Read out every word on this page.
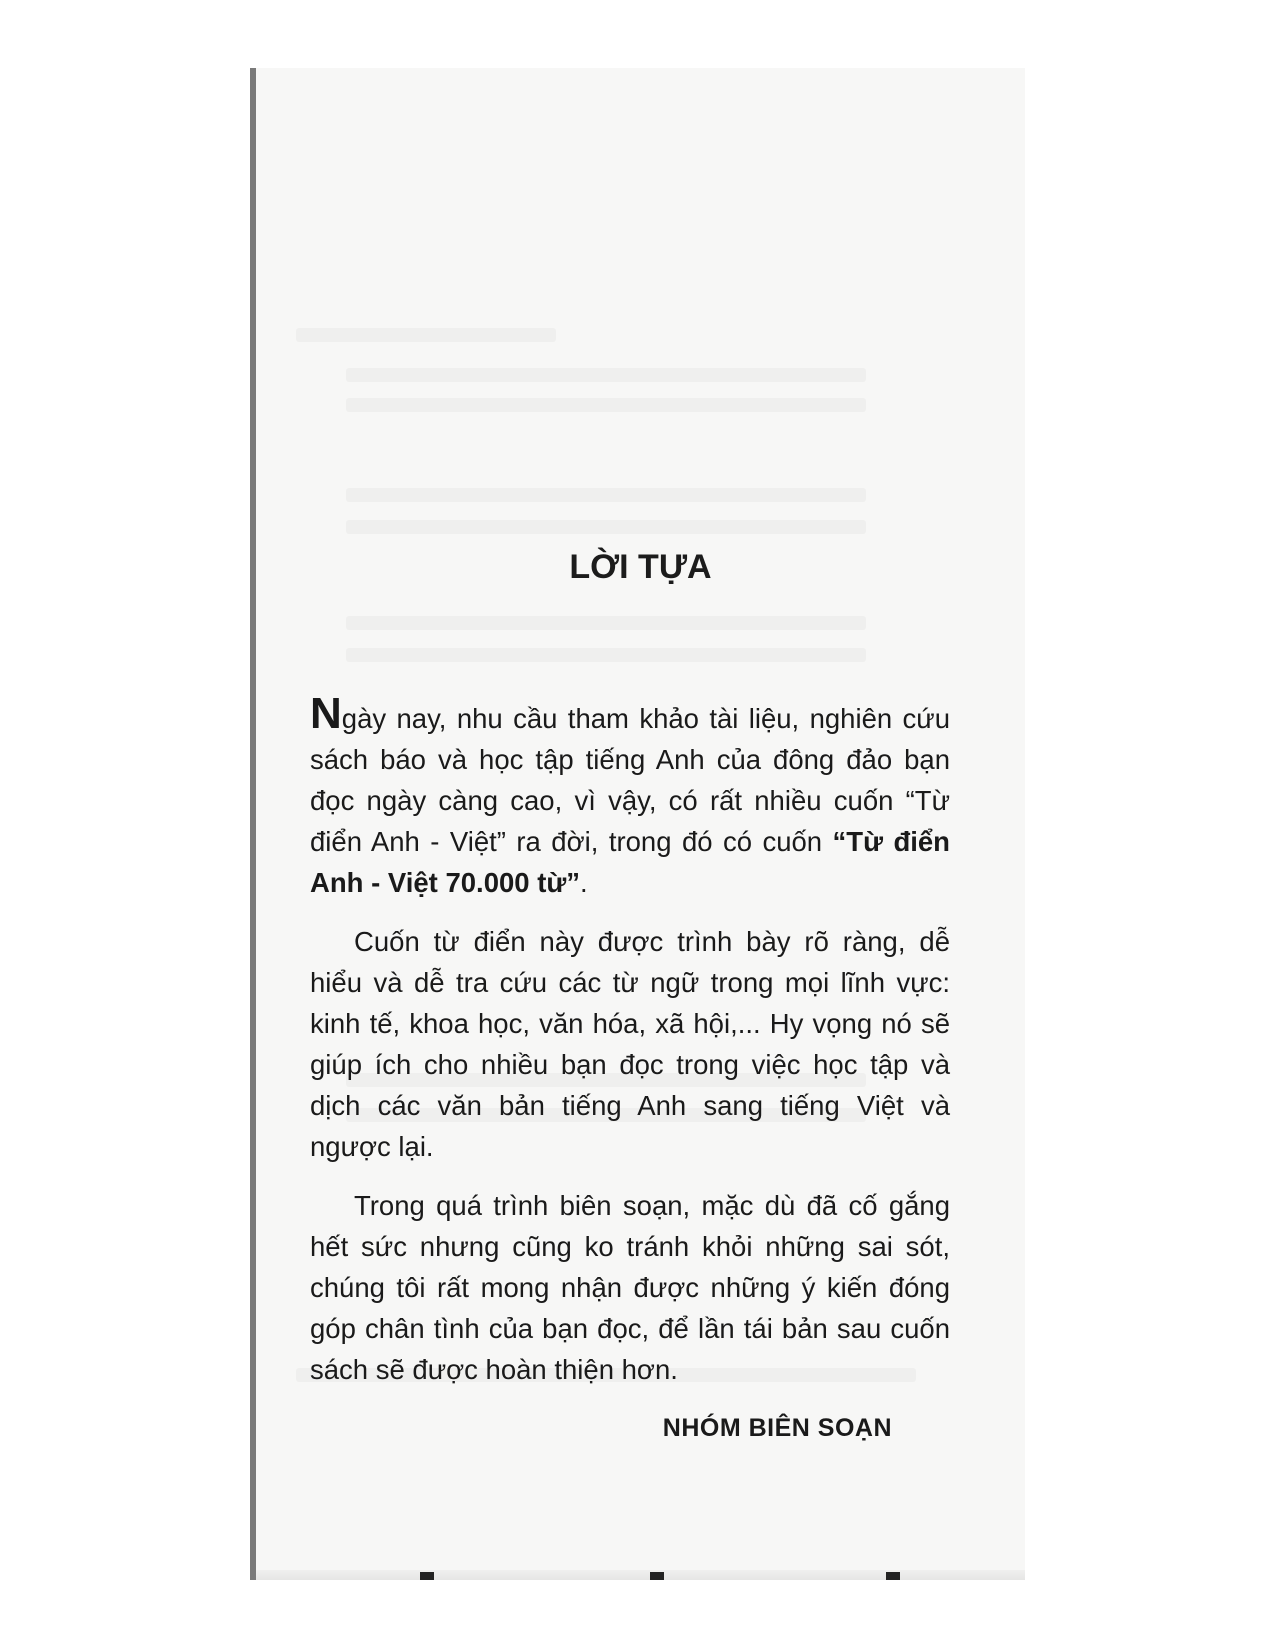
LỜI TỰA

Ngày nay, nhu cầu tham khảo tài liệu, nghiên cứu sách báo và học tập tiếng Anh của đông đảo bạn đọc ngày càng cao, vì vậy, có rất nhiều cuốn “Từ điển Anh - Việt” ra đời, trong đó có cuốn “Từ điển Anh - Việt 70.000 từ”.

Cuốn từ điển này được trình bày rõ ràng, dễ hiểu và dễ tra cứu các từ ngữ trong mọi lĩnh vực: kinh tế, khoa học, văn hóa, xã hội,... Hy vọng nó sẽ giúp ích cho nhiều bạn đọc trong việc học tập và dịch các văn bản tiếng Anh sang tiếng Việt và ngược lại.

Trong quá trình biên soạn, mặc dù đã cố gắng hết sức nhưng cũng ko tránh khỏi những sai sót, chúng tôi rất mong nhận được những ý kiến đóng góp chân tình của bạn đọc, để lần tái bản sau cuốn sách sẽ được hoàn thiện hơn.

NHÓM BIÊN SOẠN
